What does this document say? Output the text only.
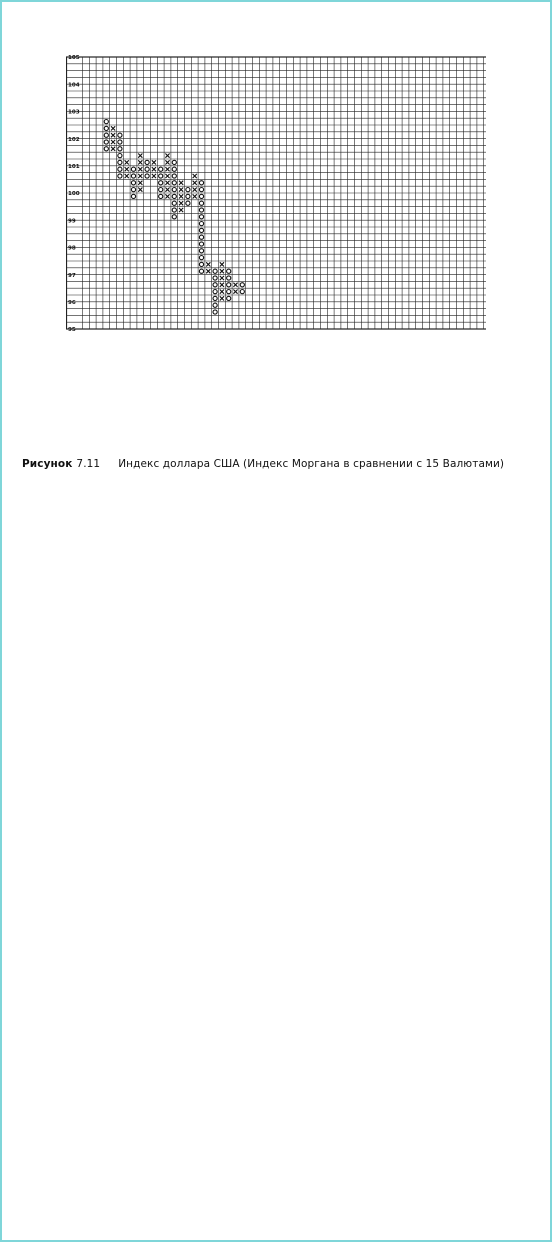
105
104
103
102
101
100
99
98
97
96
95
Рисунок 7.11 Индекс доллара США (Индекс Моргана в сравнении с 15 Валютами)
